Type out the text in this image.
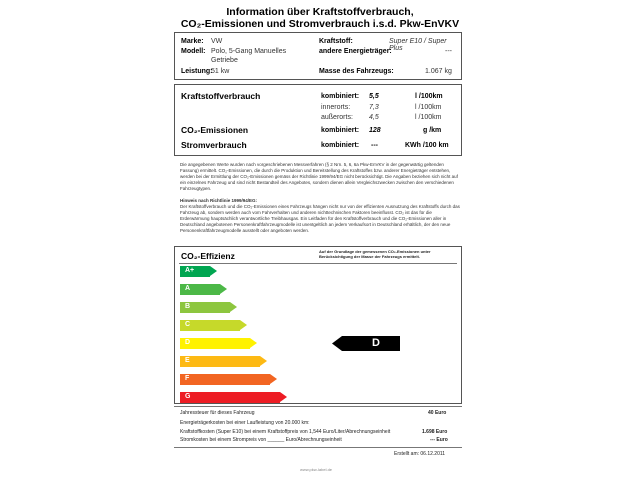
Information über Kraftstoffverbrauch,
CO₂-Emissionen und Stromverbrauch i.s.d. Pkw-EnVKV
Marke: VW
Modell: Polo, 5-Gang Manuelles
Getriebe
Leistung:
51 kw
Kraftstoff:	Super E10 / Super Plus
andere Energieträger:	---
Masse des Fahrzeugs:	1.067 kg
Kraftstoffverbrauch	kombiniert: 5,5	l /100km
innerorts:	7,3	l /100km
außerorts: 4,5	l /100km
CO₂-Emissionen	kombiniert: 128	g /km
Stromverbrauch	kombiniert: ---	KWh /100 km
Die angegebenen Werte wurden nach vorgeschriebenen Messverfahren (§ 2 Nrn. 5, 6, 6a Pkw-EnVKV in der gegenwärtig geltenden Fassung) ermittelt. CO₂-Emissionen, die durch die Produktion und Bereitstellung des Kraftstoffes bzw. anderer Energieträger entstehen, werden bei der Ermittlung der CO₂-Emissionen gemäss der Richtlinie 1999/94/EG nicht berücksichtigt. Die Angaben beziehen sich nicht auf ein einzelnes Fahrzeug und sind nicht Bestandteil des Angebotes, sondern dienen allein Vergleichszwecken zwischen den verschiedenen Fahrzeugtypen.
Hinweis nach Richtlinie 1999/94/EG:
Der Kraftstoffverbrauch und die CO₂-Emissionen eines Fahrzeugs hängen nicht nur von der effizienten Ausnutzung des Kraftstoffs durch das Fahrzeug ab, sondern werden auch vom Fahrverhalten und anderen nichttechnischen Faktoren beeinflusst. CO₂ ist das für die Erderwärmung hauptsächlich verantwortliche Treibhausgas. Ein Leitfaden für den Kraftstoffverbrauch und die CO₂-Emissionen aller in Deutschland angebotenen Personenkraftfahrzeugmodelle ist unentgeltlich an jedem Verkaufsort in Deutschland erhältlich, der den neue Personenkraftfahrzeugmodelle ausstellt oder angeboten werden.
CO₂-Effizienz	Auf der Grundlage der gemessenen CO₂-Emissionen unter Berücksichtigung der Masse der Fahrzeugs ermittelt.
A+
A
B
C
D
E
F
G
D
Jahressteuer für dieses Fahrzeug	40 Euro
Energieträgerkosten bei einer Laufleistung von 20.000 km:
Kraftstoffkosten (Super E10) bei einem Kraftstoffpreis von 1,544 Euro/Liter/Abrechnungseinheit	1.698 Euro
Stromkosten bei einem Strompreis von ______ Euro/Abrechnungseinheit	--- Euro
Erstellt am: 06.12.2011
www.pkw-label.de
